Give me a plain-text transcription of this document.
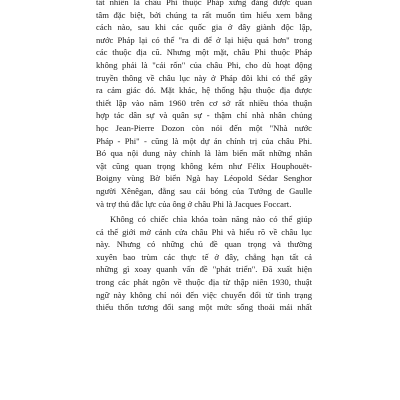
tất nhiên là châu Phi thuộc Pháp xứng đáng được quan
tâm đặc biệt, bởi chúng ta rất muốn tìm hiểu xem bằng
cách nào, sau khi các quốc gia ở đây giành độc lập,
nước Pháp lại có thể "ra đi để ở lại hiệu quả hơn" trong
các thuộc địa cũ. Nhưng một mặt, châu Phi thuộc Pháp
không phải là "cái rốn" của châu Phi, cho dù hoạt động
truyền thông về châu lục này ở Pháp đôi khi có thể gây
ra cảm giác đó. Mặt khác, hệ thống hậu thuộc địa được
thiết lập vào năm 1960 trên cơ sở rất nhiều thỏa thuận
hợp tác dân sự và quân sự - thậm chí nhà nhân chủng
học Jean-Pierre Dozon còn nói đến một "Nhà nước
Pháp - Phi" - cũng là một dự án chính trị của châu Phi.
Bó qua nội dung này chính là làm biến mất những nhân
vật cũng quan trọng không kém như Félix Houphouët-
Boigny vùng Bờ biển Ngà hay Léopold Sédar Senghor
người Xênêgan, đằng sau cái bóng của Tướng de Gaulle
và trợ thủ đắc lực của ông ở châu Phi là Jacques Foccart.
Không có chiếc chìa khóa toàn năng nào có thể giúp
cả thế giới mở cánh cửa châu Phi và hiểu rõ về châu lục
này. Nhưng có những chủ đề quan trọng và thường
xuyên bao trùm các thực tế ở đây, chẳng hạn tất cả
những gì xoay quanh vấn đề "phát triển". Đã xuất hiện
trong các phát ngôn về thuộc địa từ thập niên 1930, thuật
ngữ này không chỉ nói đến việc chuyển đổi từ tình trạng
thiếu thốn tương đối sang một mức sống thoải mái nhất
